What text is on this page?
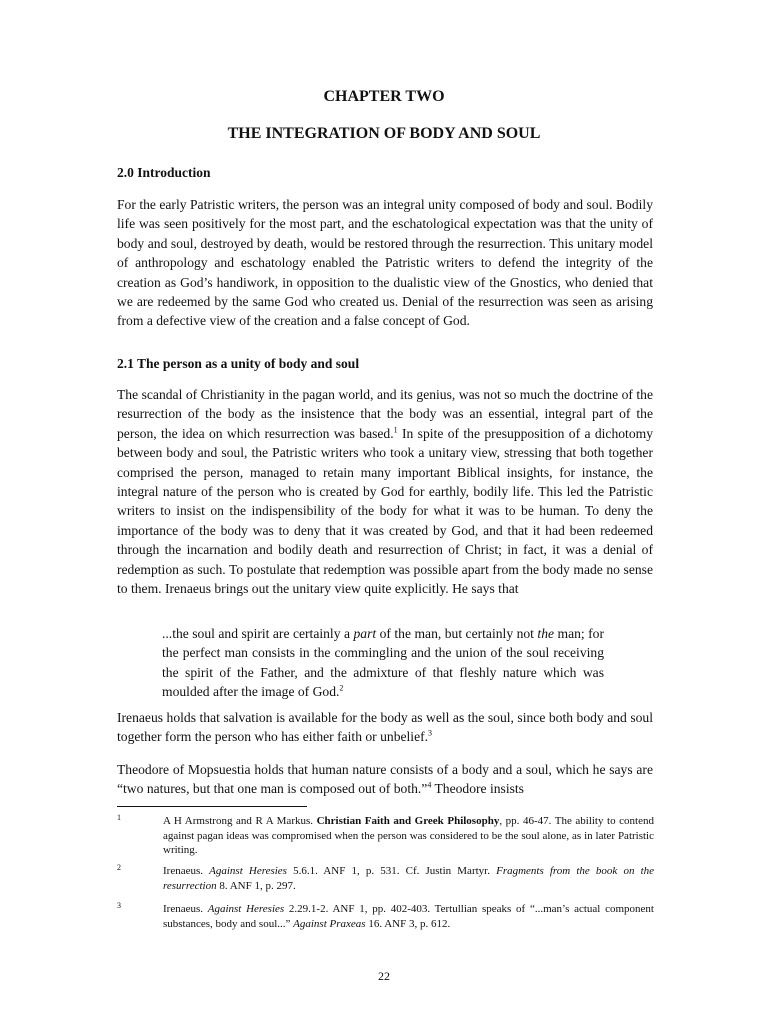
CHAPTER TWO
THE INTEGRATION OF BODY AND SOUL
2.0 Introduction

For the early Patristic writers, the person was an integral unity composed of body and soul. Bodily life was seen positively for the most part, and the eschatological expectation was that the unity of body and soul, destroyed by death, would be restored through the resurrection. This unitary model of anthropology and eschatology enabled the Patristic writers to defend the integrity of the creation as God’s handiwork, in opposition to the dualistic view of the Gnostics, who denied that we are redeemed by the same God who created us. Denial of the resurrection was seen as arising from a defective view of the creation and a false concept of God.

2.1 The person as a unity of body and soul

The scandal of Christianity in the pagan world, and its genius, was not so much the doctrine of the resurrection of the body as the insistence that the body was an essential, integral part of the person, the idea on which resurrection was based.$^1$ In spite of the presupposition of a dichotomy between body and soul, the Patristic writers who took a unitary view, stressing that both together comprised the person, managed to retain many important Biblical insights, for instance, the integral nature of the person who is created by God for earthly, bodily life. This led the Patristic writers to insist on the indispensibility of the body for what it was to be human. To deny the importance of the body was to deny that it was created by God, and that it had been redeemed through the incarnation and bodily death and resurrection of Christ; in fact, it was a denial of redemption as such. To postulate that redemption was possible apart from the body made no sense to them. Irenaeus brings out the unitary view quite explicitly. He says that

...the soul and spirit are certainly a part of the man, but certainly not the man; for the perfect man consists in the commingling and the union of the soul receiving the spirit of the Father, and the admixture of that fleshly nature which was moulded after the image of God.$^2$

Irenaeus holds that salvation is available for the body as well as the soul, since both body and soul together form the person who has either faith or unbelief.$^3$

Theodore of Mopsuestia holds that human nature consists of a body and a soul, which he says are “two natures, but that one man is composed out of both.”$^4$ Theodore insists

1	A H Armstrong and R A Markus. Christian Faith and Greek Philosophy, pp. 46-47. The ability to contend against pagan ideas was compromised when the person was considered to be the soul alone, as in later Patristic writing.
2	Irenaeus. Against Heresies 5.6.1. ANF 1, p. 531. Cf. Justin Martyr. Fragments from the book on the resurrection 8. ANF 1, p. 297.
3	Irenaeus. Against Heresies 2.29.1-2. ANF 1, pp. 402-403. Tertullian speaks of “...man’s actual component substances, body and soul...” Against Praxeas 16. ANF 3, p. 612.
22
